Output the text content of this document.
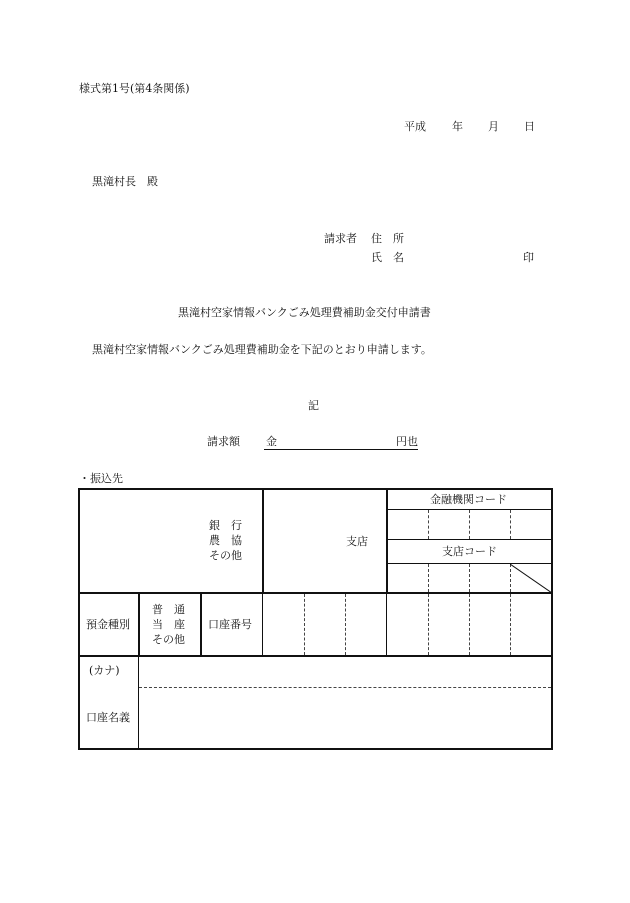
様式第1号(第4条関係)
平成 年 月 日
黒滝村長　殿
請求者 住　所
氏　名	印
黒滝村空家情報バンクごみ処理費補助金交付申請書
黒滝村空家情報バンクごみ処理費補助金を下記のとおり申請します。
記
請求額 金	円也
・振込先
銀　行
農　協
その他
支店
金融機関コード
支店コード
預金種別
普　通
当　座
その他
口座番号
(カナ)
口座名義
